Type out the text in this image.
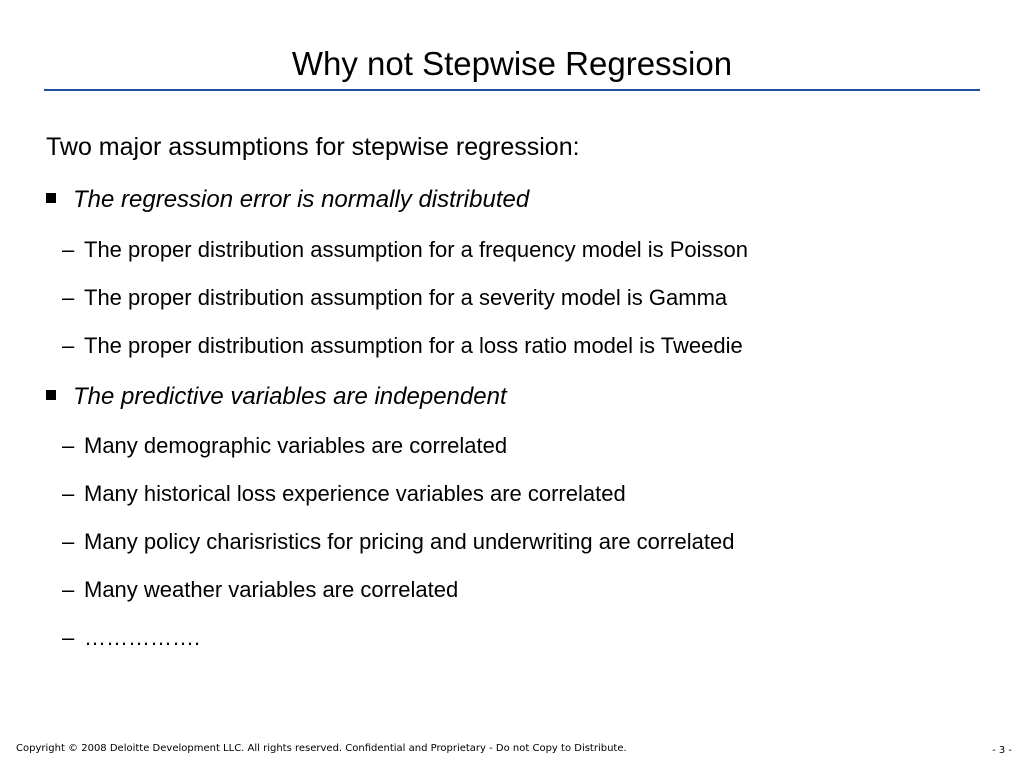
Why not Stepwise Regression
Two major assumptions for stepwise regression:
The regression error is normally distributed
– The proper distribution assumption for a frequency model is Poisson
– The proper distribution assumption for a severity model is Gamma
– The proper distribution assumption for a loss ratio model is Tweedie
The predictive variables are independent
– Many demographic variables are correlated
– Many historical loss experience variables are correlated
– Many policy charisristics for pricing and underwriting are correlated
– Many weather variables are correlated
– …………….
Copyright © 2008 Deloitte Development LLC. All rights reserved. Confidential and Proprietary - Do not Copy to Distribute.	- 3 -
